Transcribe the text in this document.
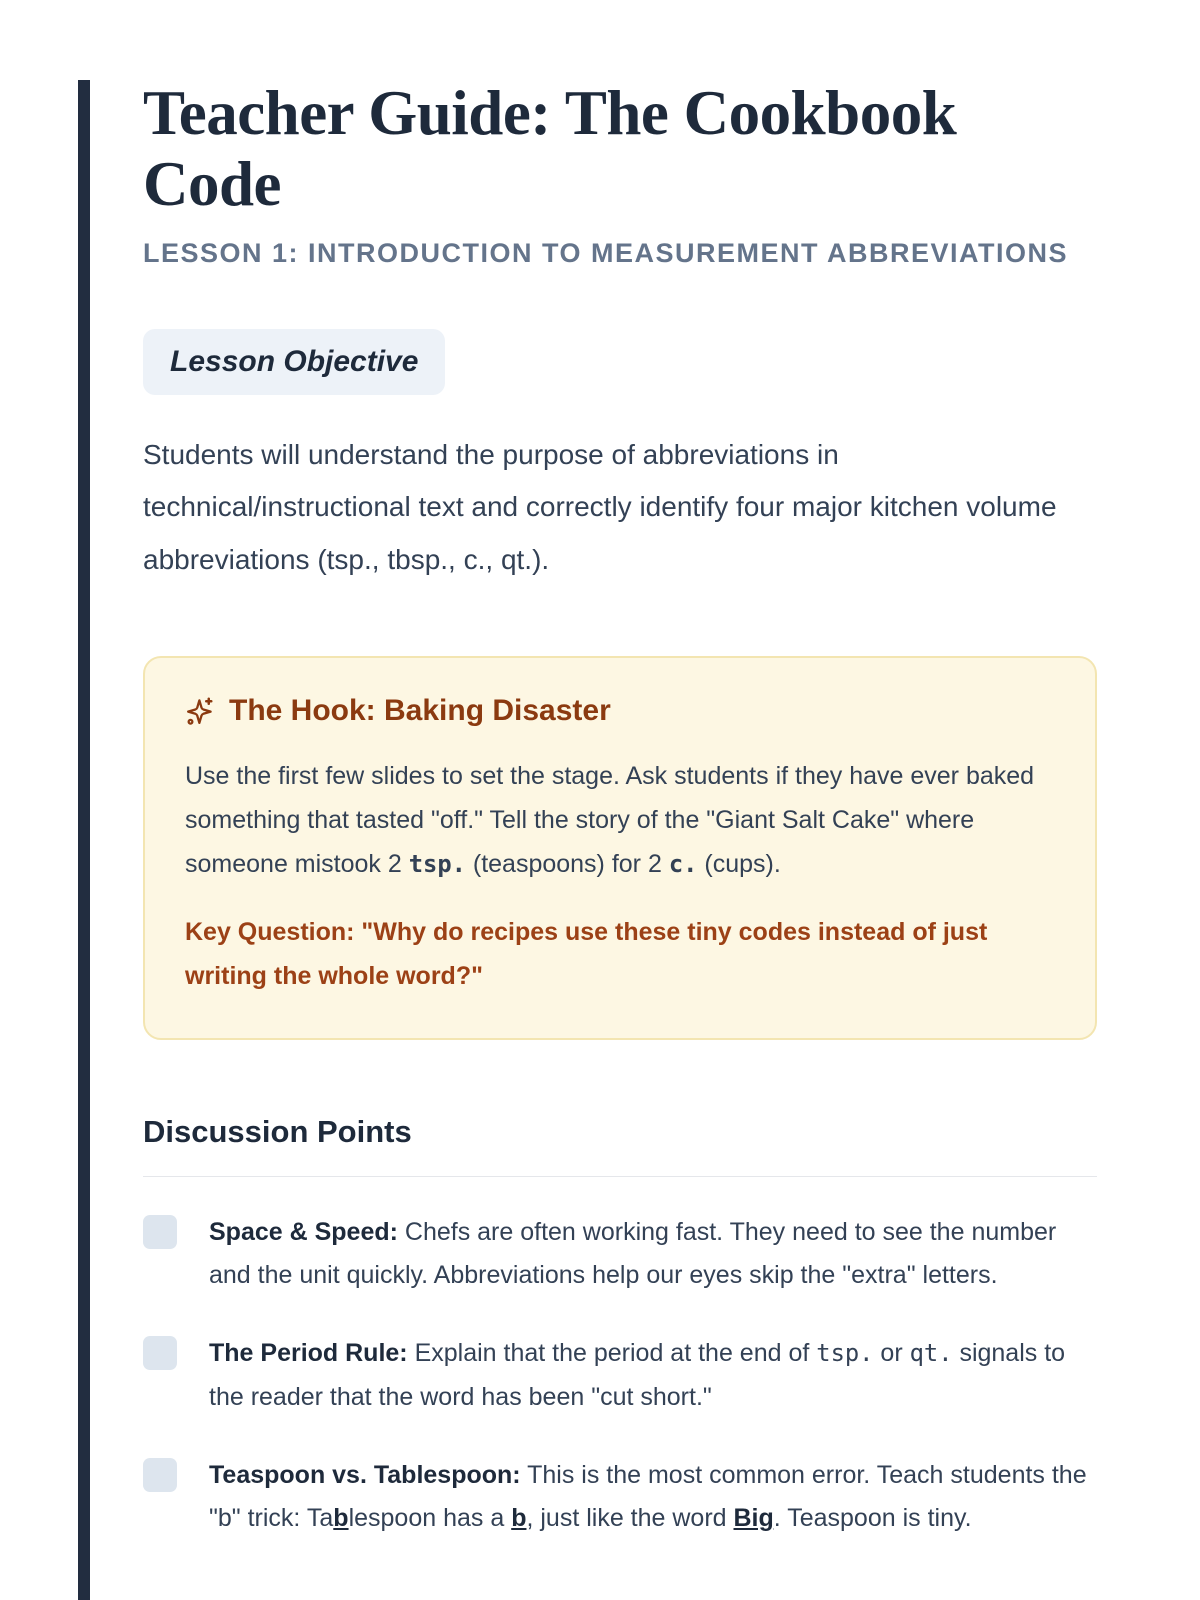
Teacher Guide: The Cookbook Code
LESSON 1: INTRODUCTION TO MEASUREMENT ABBREVIATIONS
Lesson Objective

Students will understand the purpose of abbreviations in technical/instructional text and correctly identify four major kitchen volume abbreviations (tsp., tbsp., c., qt.).

The Hook: Baking Disaster

Use the first few slides to set the stage. Ask students if they have ever baked something that tasted "off." Tell the story of the "Giant Salt Cake" where someone mistook 2 tsp. (teaspoons) for 2 c. (cups).

Key Question: "Why do recipes use these tiny codes instead of just writing the whole word?"

Discussion Points
Space & Speed: Chefs are often working fast. They need to see the number and the unit quickly. Abbreviations help our eyes skip the "extra" letters.
The Period Rule: Explain that the period at the end of tsp. or qt. signals to the reader that the word has been "cut short."
Teaspoon vs. Tablespoon: This is the most common error. Teach students the "b" trick: Tablespoon has a b, just like the word Big. Teaspoon is tiny.
